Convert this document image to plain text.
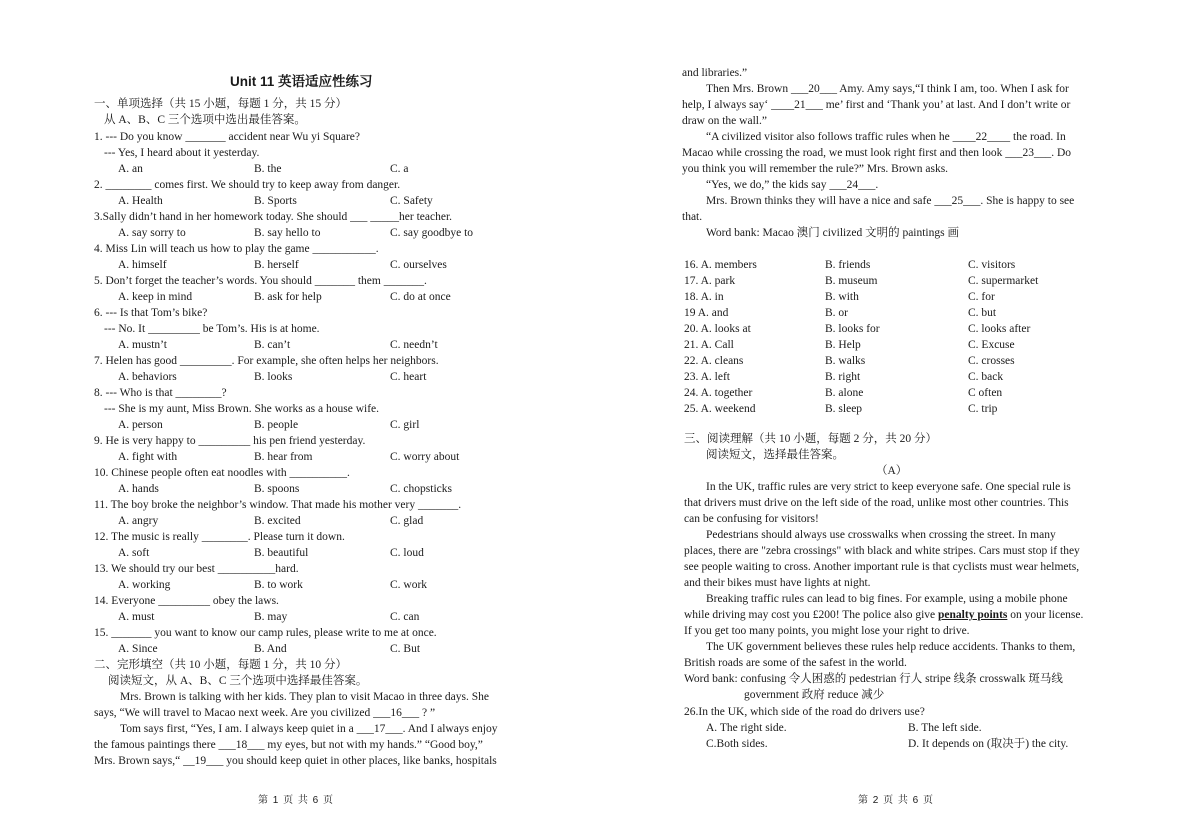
Unit 11 英语适应性练习
一、单项选择（共 15 小题，每题 1 分，共 15 分）
从 A、B、C 三个选项中选出最佳答案。
1. --- Do you know _______ accident near Wu yi Square?
--- Yes, I heard about it yesterday.
A. an	B. the	C. a
2. ________ comes first. We should try to keep away from danger.
A. Health	B. Sports	C. Safety
3.Sally didn’t hand in her homework today. She should ___ _____her teacher.
A. say sorry to	B. say hello to	C. say goodbye to
4. Miss Lin will teach us how to play the game ___________.
A. himself	B. herself	C. ourselves
5. Don’t forget the teacher’s words. You should _______ them _______.
A. keep in mind	B. ask for help	C. do at once
6. --- Is that Tom’s bike?
--- No. It _________ be Tom’s. His is at home.
A. mustn’t	B. can’t	C. needn’t
7. Helen has good _________. For example, she often helps her neighbors.
A. behaviors	B. looks	C. heart
8. --- Who is that ________?
--- She is my aunt, Miss Brown. She works as a house wife.
A. person	B. people	C. girl
9. He is very happy to _________ his pen friend yesterday.
A. fight with	B. hear from	C. worry about
10. Chinese people often eat noodles with __________.
A. hands	B. spoons	C. chopsticks
11. The boy broke the neighbor’s window. That made his mother very _______.
A. angry	B. excited	C. glad
12. The music is really ________. Please turn it down.
A. soft	B. beautiful	C. loud
13. We should try our best __________hard.
A. working	B. to work	C. work
14. Everyone _________ obey the laws.
A. must	B. may	C. can
15. _______ you want to know our camp rules, please write to me at once.
A. Since	B. And	C. But
二、完形填空（共 10 小题，每题 1 分，共 10 分）
阅读短文，从 A、B、C 三个选项中选择最佳答案。
Mrs. Brown is talking with her kids. They plan to visit Macao in three days. She
says, “We will travel to Macao next week. Are you civilized ___16___ ? ”
Tom says first, “Yes, I am. I always keep quiet in a ___17___. And I always enjoy
the famous paintings there ___18___ my eyes, but not with my hands.” “Good boy,”
Mrs. Brown says,“ __19___ you should keep quiet in other places, like banks, hospitals
第 1 页 共 6 页
and libraries.”
Then Mrs. Brown ___20___ Amy. Amy says,“I think I am, too. When I ask for
help, I always say‘ ____21___ me’ first and ‘Thank you’ at last. And I don’t write or
draw on the wall.”
“A civilized visitor also follows traffic rules when he ____22____ the road. In
Macao while crossing the road, we must look right first and then look ___23___. Do
you think you will remember the rule?” Mrs. Brown asks.
“Yes, we do,” the kids say ___24___.
Mrs. Brown thinks they will have a nice and safe ___25___. She is happy to see
that.
Word bank: Macao 澳门 civilized 文明的 paintings 画
16. A. members	B. friends	C. visitors
17. A. park	B. museum	C. supermarket
18. A. in	B. with	C. for
19 A. and	B. or	C. but
20. A. looks at	B. looks for	C. looks after
21. A. Call	B. Help	C. Excuse
22. A. cleans	B. walks	C. crosses
23. A. left	B. right	C. back
24. A. together	B. alone	C often
25. A. weekend	B. sleep	C. trip
三、阅读理解（共 10 小题，每题 2 分，共 20 分）
阅读短文，选择最佳答案。
（A）
In the UK, traffic rules are very strict to keep everyone safe. One special rule is
that drivers must drive on the left side of the road, unlike most other countries. This
can be confusing for visitors!
Pedestrians should always use crosswalks when crossing the street. In many
places, there are "zebra crossings" with black and white stripes. Cars must stop if they
see people waiting to cross. Another important rule is that cyclists must wear helmets,
and their bikes must have lights at night.
Breaking traffic rules can lead to big fines. For example, using a mobile phone
while driving may cost you £200! The police also give penalty points on your license.
If you get too many points, you might lose your right to drive.
The UK government believes these rules help reduce accidents. Thanks to them,
British roads are some of the safest in the world.
Word bank: confusing 令人困惑的 pedestrian 行人 stripe 线条 crosswalk 斑马线
government 政府 reduce 减少
26.In the UK, which side of the road do drivers use?
A. The right side.	B. The left side.
C.Both sides.	D. It depends on (取决于) the city.
第 2 页 共 6 页
